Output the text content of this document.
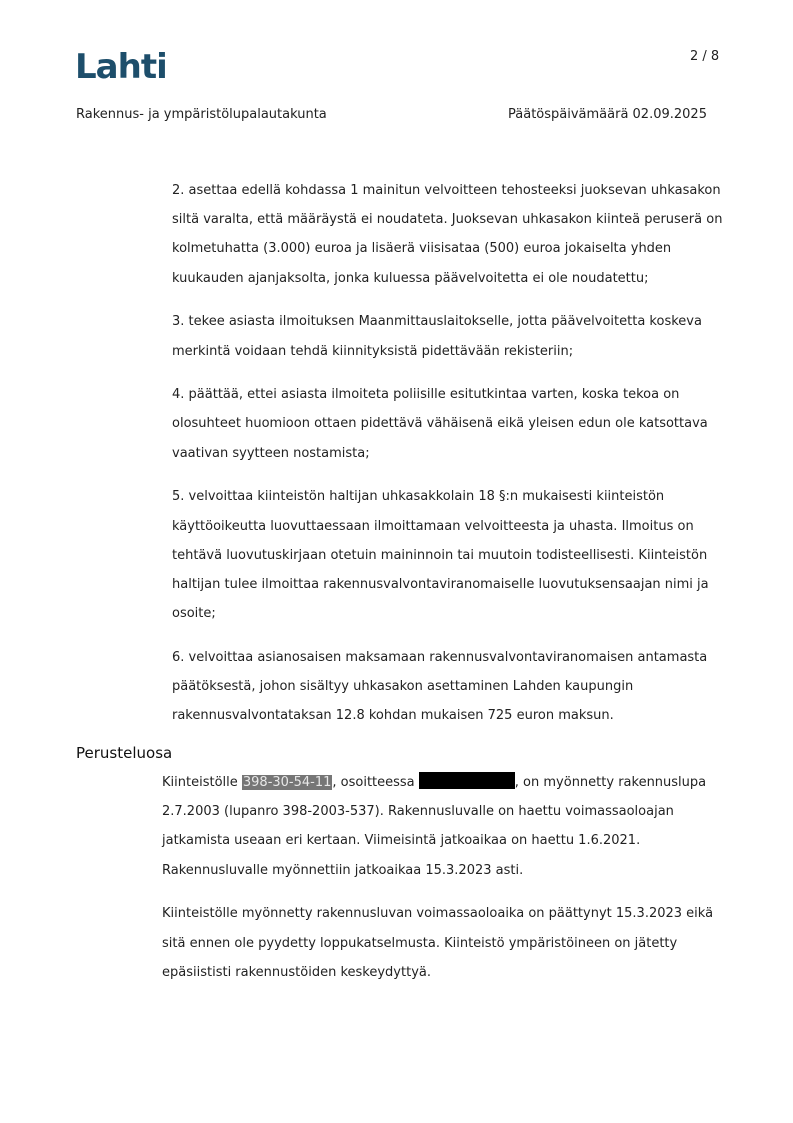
Lahti	2 / 8
Rakennus- ja ympäristölupalautakunta	Päätöspäivämäärä 02.09.2025

2. asettaa edellä kohdassa 1 mainitun velvoitteen tehosteeksi juoksevan uhkasakon siltä varalta, että määräystä ei noudateta. Juoksevan uhkasakon kiinteä peruserä on kolmetuhatta (3.000) euroa ja lisäerä viisisataa (500) euroa jokaiselta yhden kuukauden ajanjaksolta, jonka kuluessa päävelvoitetta ei ole noudatettu;

3. tekee asiasta ilmoituksen Maanmittauslaitokselle, jotta päävelvoitetta koskeva merkintä voidaan tehdä kiinnityksistä pidettävään rekisteriin;

4. päättää, ettei asiasta ilmoiteta poliisille esitutkintaa varten, koska tekoa on olosuhteet huomioon ottaen pidettävä vähäisenä eikä yleisen edun ole katsottava vaativan syytteen nostamista;

5. velvoittaa kiinteistön haltijan uhkasakkolain 18 §:n mukaisesti kiinteistön käyttöoikeutta luovuttaessaan ilmoittamaan velvoitteesta ja uhasta. Ilmoitus on tehtävä luovutuskirjaan otetuin maininnoin tai muutoin todisteellisesti. Kiinteistön haltijan tulee ilmoittaa rakennusvalvontaviranomaiselle luovutuksensaajan nimi ja osoite;

6. velvoittaa asianosaisen maksamaan rakennusvalvontaviranomaisen antamasta päätöksestä, johon sisältyy uhkasakon asettaminen Lahden kaupungin rakennusvalvontataksan 12.8 kohdan mukaisen 725 euron maksun.

Perusteluosa

Kiinteistölle 398-30-54-11, osoitteessa	, on myönnetty rakennuslupa 2.7.2003 (lupanro 398-2003-537). Rakennusluvalle on haettu voimassaoloajan jatkamista useaan eri kertaan. Viimeisintä jatkoaikaa on haettu 1.6.2021. Rakennusluvalle myönnettiin jatkoaikaa 15.3.2023 asti.

Kiinteistölle myönnetty rakennusluvan voimassaoloaika on päättynyt 15.3.2023 eikä sitä ennen ole pyydetty loppukatselmusta. Kiinteistö ympäristöineen on jätetty epäsiististi rakennustöiden keskeydyttyä.
